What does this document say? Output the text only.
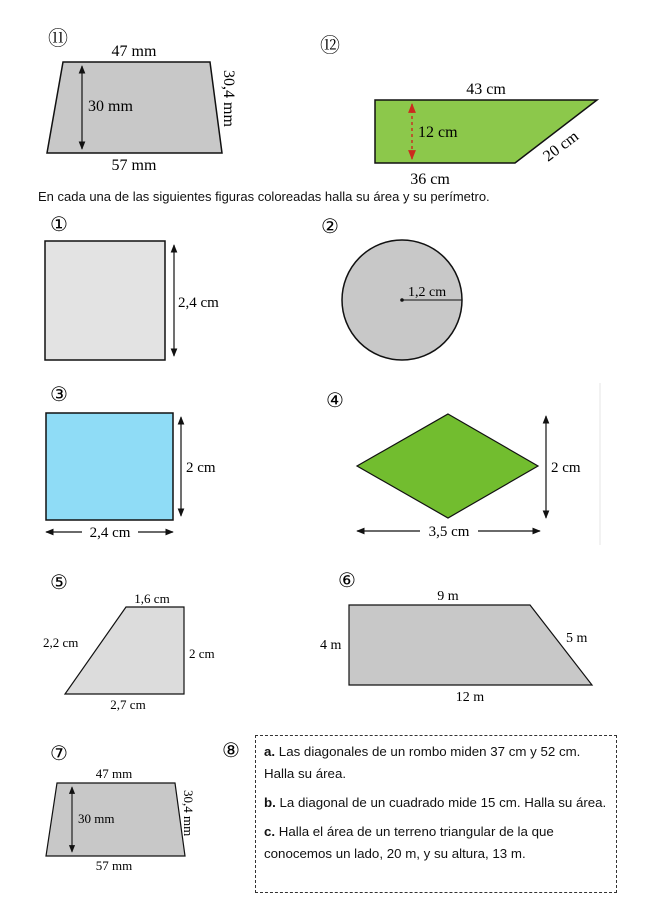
⑪
47 mm
30 mm	30,4 mm
57 mm
⑫
43 cm
12 cm	20 cm
36 cm
①
2,4 cm
②
1,2 cm
③
2 cm
2,4 cm
④
2 cm
3,5 cm
⑤
1,6 cm
2,2 cm
2 cm
2,7 cm
⑥
9 m
4 m	5 m
12 m
⑦
47 mm
30 mm	30,4 mm
57 mm
⑧
En cada una de las siguientes figuras coloreadas halla su área y su perímetro.

a. Las diagonales de un rombo miden 37 cm y 52 cm. Halla su área.

b. La diagonal de un cuadrado mide 15 cm. Halla su área.

c. Halla el área de un terreno triangular de la que conocemos un lado, 20 m, y su altura, 13 m.
